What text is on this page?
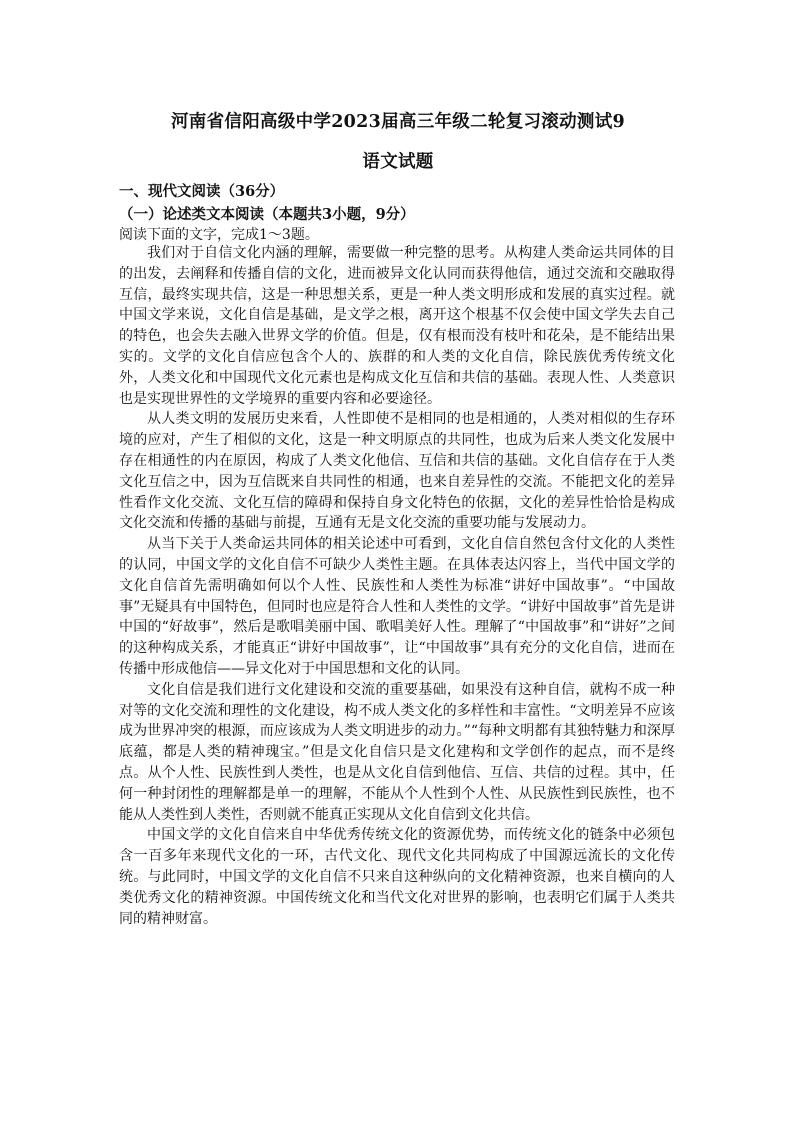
河南省信阳高级中学2023届高三年级二轮复习滚动测试9
语文试题
一、现代文阅读（36分）
（一）论述类文本阅读（本题共3小题，9分）
阅读下面的文字，完成1～3题。

我们对于自信文化内涵的理解，需要做一种完整的思考。从构建人类命运共同体的目的出发，去阐释和传播自信的文化，进而被异文化认同而获得他信，通过交流和交融取得互信，最终实现共信，这是一种思想关系，更是一种人类文明形成和发展的真实过程。就中国文学来说，文化自信是基础，是文学之根，离开这个根基不仅会使中国文学失去自己的特色，也会失去融入世界文学的价值。但是，仅有根而没有枝叶和花朵，是不能结出果实的。文学的文化自信应包含个人的、族群的和人类的文化自信，除民族优秀传统文化外，人类文化和中国现代文化元素也是构成文化互信和共信的基础。表现人性、人类意识也是实现世界性的文学境界的重要内容和必要途径。

从人类文明的发展历史来看，人性即使不是相同的也是相通的，人类对相似的生存环境的应对，产生了相似的文化，这是一种文明原点的共同性，也成为后来人类文化发展中存在相通性的内在原因，构成了人类文化他信、互信和共信的基础。文化自信存在于人类文化互信之中，因为互信既来自共同性的相通，也来自差异性的交流。不能把文化的差异性看作文化交流、文化互信的障碍和保持自身文化特色的依据，文化的差异性恰恰是构成文化交流和传播的基础与前提，互通有无是文化交流的重要功能与发展动力。

从当下关于人类命运共同体的相关论述中可看到，文化自信自然包含付文化的人类性的认同，中国文学的文化自信不可缺少人类性主题。在具体表达闪容上，当代中国文学的文化自信首先需明确如何以个人性、民族性和人类性为标准“讲好中国故事”。“中国故事”无疑具有中国特色，但同时也应是符合人性和人类性的文学。“讲好中国故事”首先是讲中国的“好故事”，然后是歌唱美丽中国、歌唱美好人性。理解了“中国故事”和“讲好”之间的这种构成关系，才能真正“讲好中国故事”，让“中国故事”具有充分的文化自信，进而在传播中形成他信——异文化对于中国思想和文化的认同。

文化自信是我们进行文化建设和交流的重要基础，如果没有这种自信，就构不成一种对等的文化交流和理性的文化建设，构不成人类文化的多样性和丰富性。“文明差异不应该成为世界冲突的根源，而应该成为人类文明进步的动力。”“每种文明都有其独特魅力和深厚底蕴，都是人类的精神瑰宝。”但是文化自信只是文化建构和文学创作的起点，而不是终点。从个人性、民族性到人类性，也是从文化自信到他信、互信、共信的过程。其中，任何一种封闭性的理解都是单一的理解，不能从个人性到个人性、从民族性到民族性，也不能从人类性到人类性，否则就不能真正实现从文化自信到文化共信。

中国文学的文化自信来自中华优秀传统文化的资源优势，而传统文化的链条中必须包含一百多年来现代文化的一环，古代文化、现代文化共同构成了中国源远流长的文化传统。与此同时，中国文学的文化自信不只来自这种纵向的文化精神资源，也来自横向的人类优秀文化的精神资源。中国传统文化和当代文化对世界的影响，也表明它们属于人类共同的精神财富。
